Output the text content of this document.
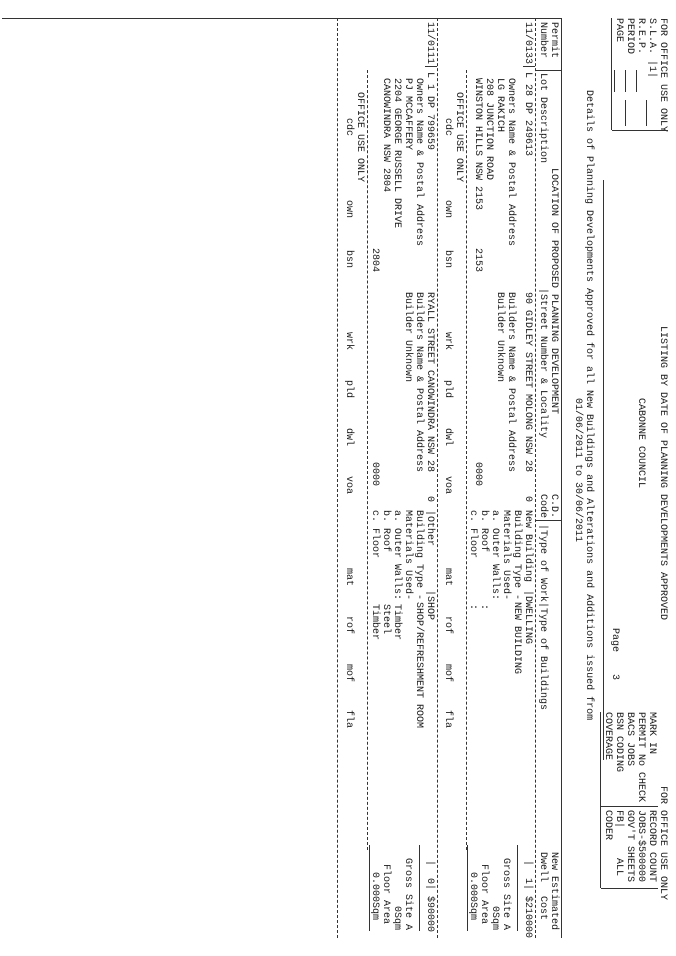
FOR OFFICE USE ONLY
S.L.A. |1|
R.E.P.
PERIOD
PAGE
LISTING BY DATE OF PLANNING DEVELOPMENTS APPROVED
CABONNE COUNCIL
Page
3
Details of Planning Developments Approved for all New Buildings and Alterations and Additions issued from
01/06/2011 to 30/06/2011
FOR OFFICE USE ONLY
MARK IN
PERMIT No CHECK
BACS JOBS
BSN CODING
COVERAGE
RECORD COUNT
JOBS-$500000
GOV'T SHEETS
FB|     ALL
CODER
Permit
Number
Lot Description
LOCATION OF PROPOSED PLANNING DEVELOPMENT
|Street Number & Locality
C.D.
Code
|Type of Work
|Type of Buildings
New Estimated
Dwell
Cost
11/0133
L 28 DP 249613
90 GIDLEY STREET MOLONG NSW 28
0
New Building
|DWELLING
NEW BUILDING
|  1|
$210000
Owners Name & Postal Address
LG RAKICH
208 JUNCTION ROAD
WINSTON HILLS NSW 2153
2153
Builders Name & Postal Address
Builder Unknown
0000
Building Type -
Materials Used-
a. Outer Walls:
b. Roof
c. Floor
:
:
Gross Site A
0Sqm
Floor Area
0.000Sqm
OFFICE USE ONLY
cdc
own
bsn
wrk
pld
dwl
voa
mat
rof
mof
fla
11/0111
L 1 DP 799659
RYALL STREET CANOWINDRA NSW 28
0
|Other
|SHOP
SHOP/REFRESHMENT ROOM
|  0|
$90000
Owners Name & Postal Address
PJ MCCAFFERY
2204 GEORGE RUSSELL DRIVE
CANOWINDRA NSW 2804
2804
Builders Name & Postal Address
Builder Unknown
0000
Building Type -
Materials Used-
a. Outer Walls:
b. Roof
c. Floor
Timber
Steel
Timber
Gross Site A
0Sqm
Floor Area
0.000Sqm
OFFICE USE ONLY
cdc
own
bsn
wrk
pld
dwl
voa
mat
rof
mof
fla
